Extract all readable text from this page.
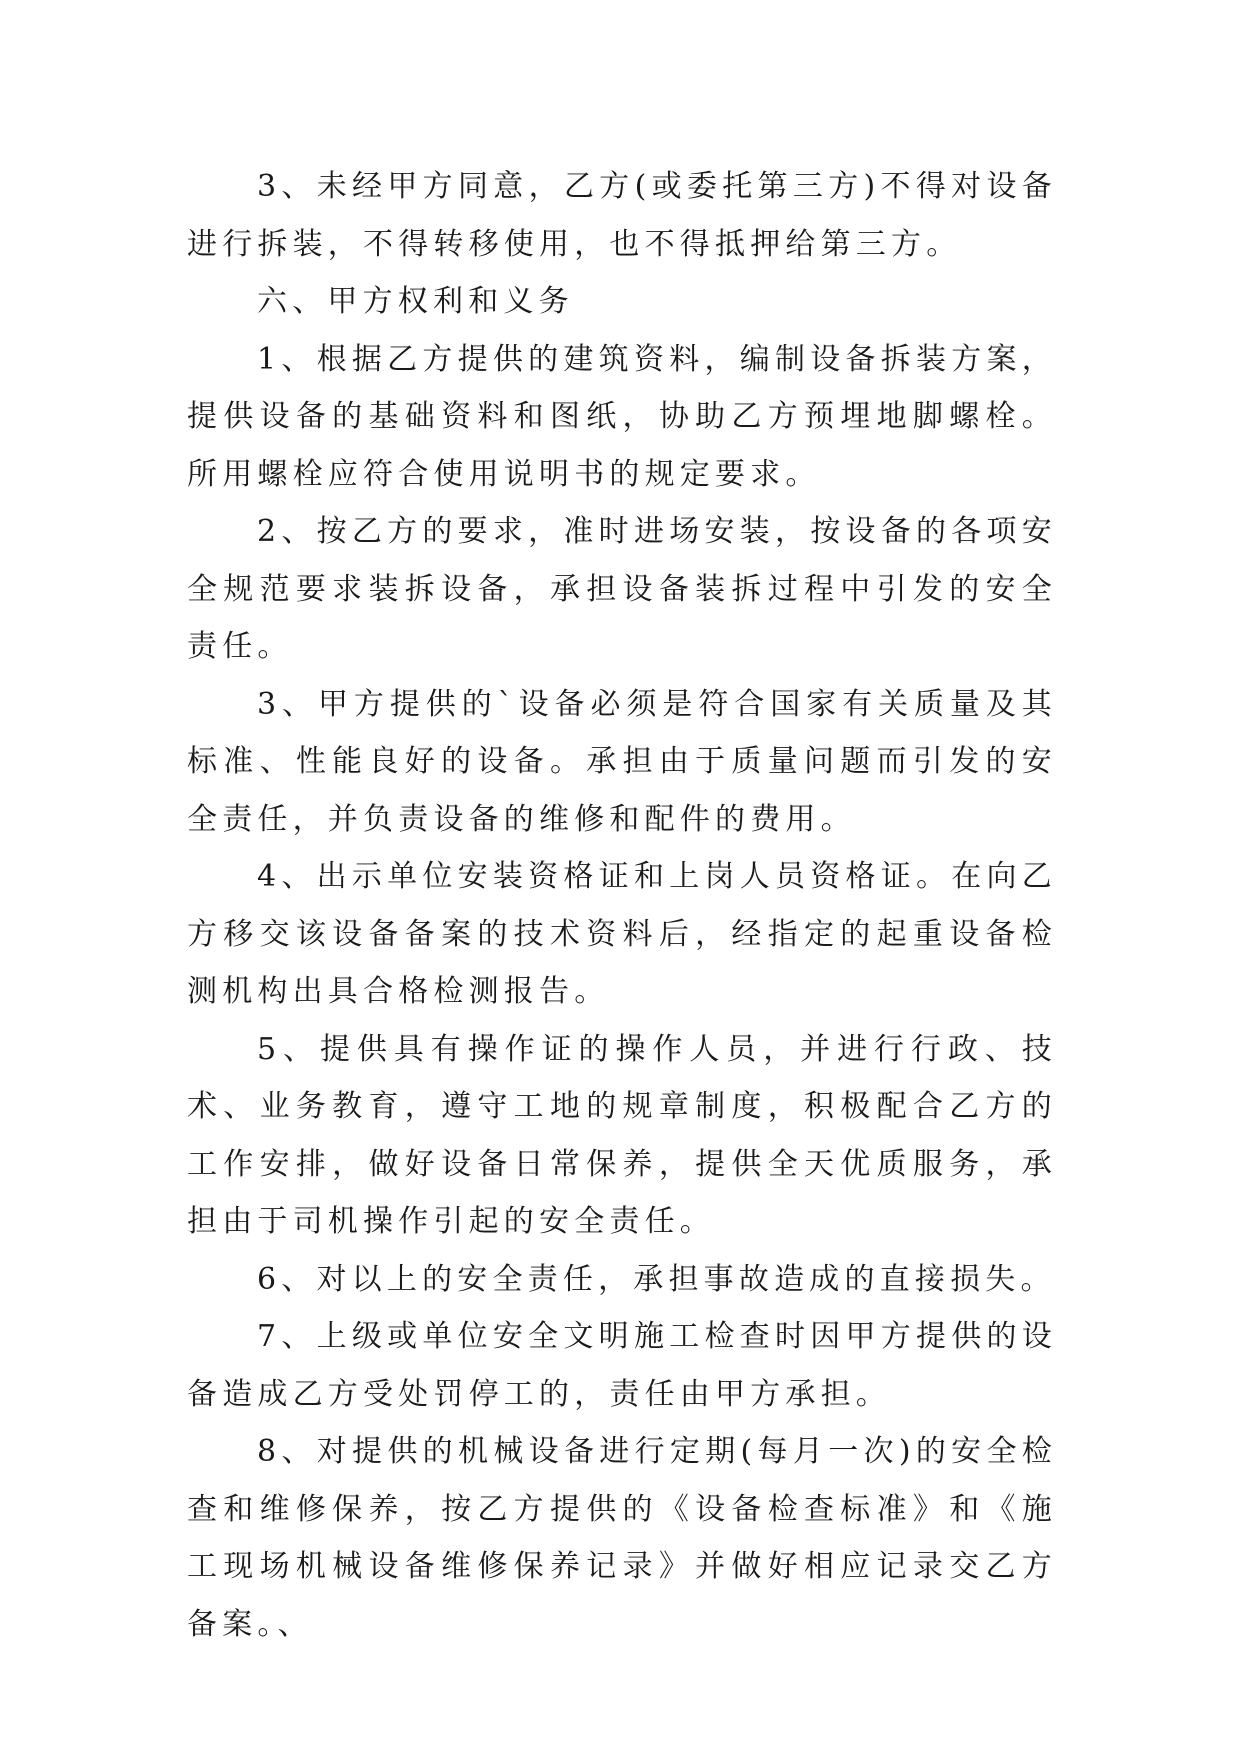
3、未经甲方同意，乙方(或委托第三方)不得对设备进行拆装，不得转移使用，也不得抵押给第三方。

六、甲方权利和义务

1、根据乙方提供的建筑资料，编制设备拆装方案，提供设备的基础资料和图纸，协助乙方预埋地脚螺栓。所用螺栓应符合使用说明书的规定要求。

2、按乙方的要求，准时进场安装，按设备的各项安全规范要求装拆设备，承担设备装拆过程中引发的安全责任。

3、甲方提供的`设备必须是符合国家有关质量及其标准、性能良好的设备。承担由于质量问题而引发的安全责任，并负责设备的维修和配件的费用。

4、出示单位安装资格证和上岗人员资格证。在向乙方移交该设备备案的技术资料后，经指定的起重设备检测机构出具合格检测报告。

5、提供具有操作证的操作人员，并进行行政、技术、业务教育，遵守工地的规章制度，积极配合乙方的工作安排，做好设备日常保养，提供全天优质服务，承担由于司机操作引起的安全责任。

6、对以上的安全责任，承担事故造成的直接损失。

7、上级或单位安全文明施工检查时因甲方提供的设备造成乙方受处罚停工的，责任由甲方承担。

8、对提供的机械设备进行定期(每月一次)的安全检查和维修保养，按乙方提供的《设备检查标准》和《施工现场机械设备维修保养记录》并做好相应记录交乙方备案。、
